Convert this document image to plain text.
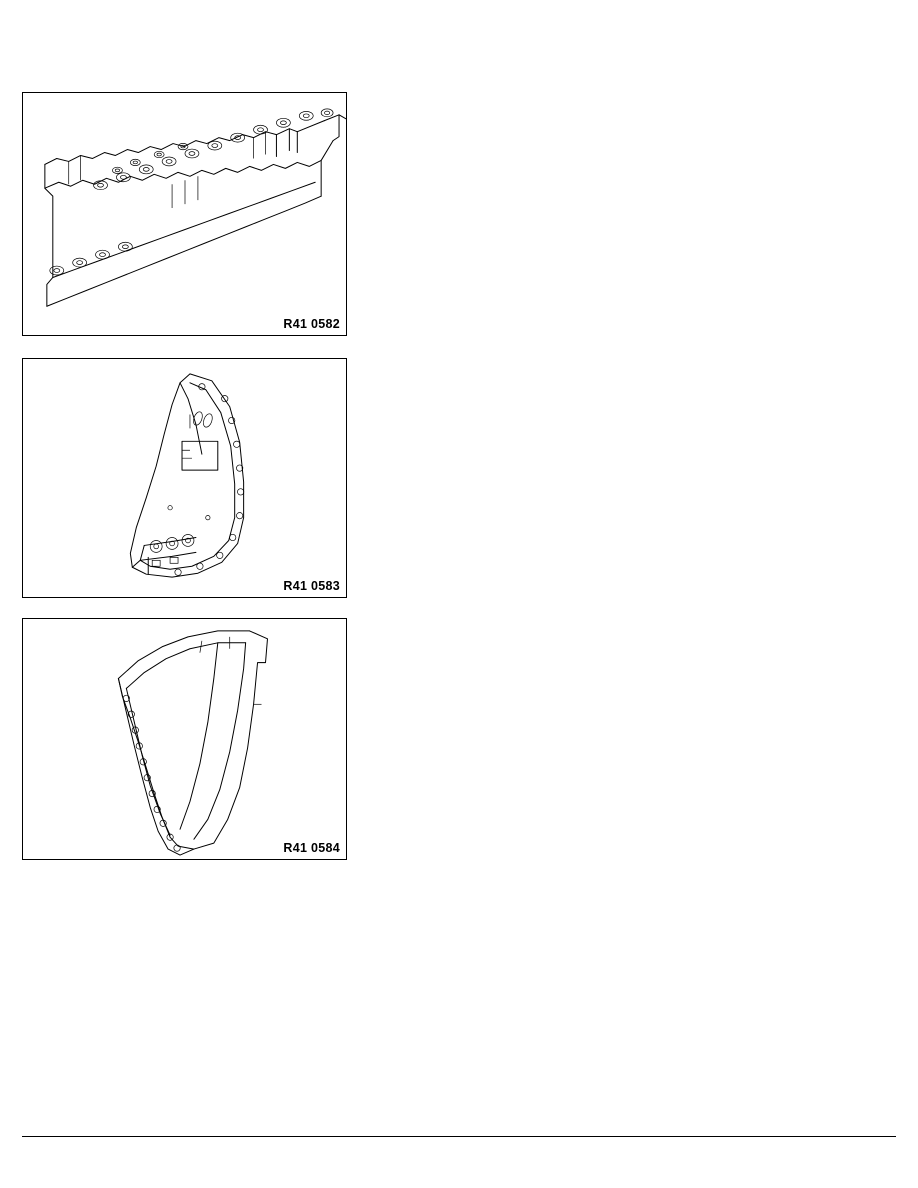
R41 0582
R41 0583
R41 0584
